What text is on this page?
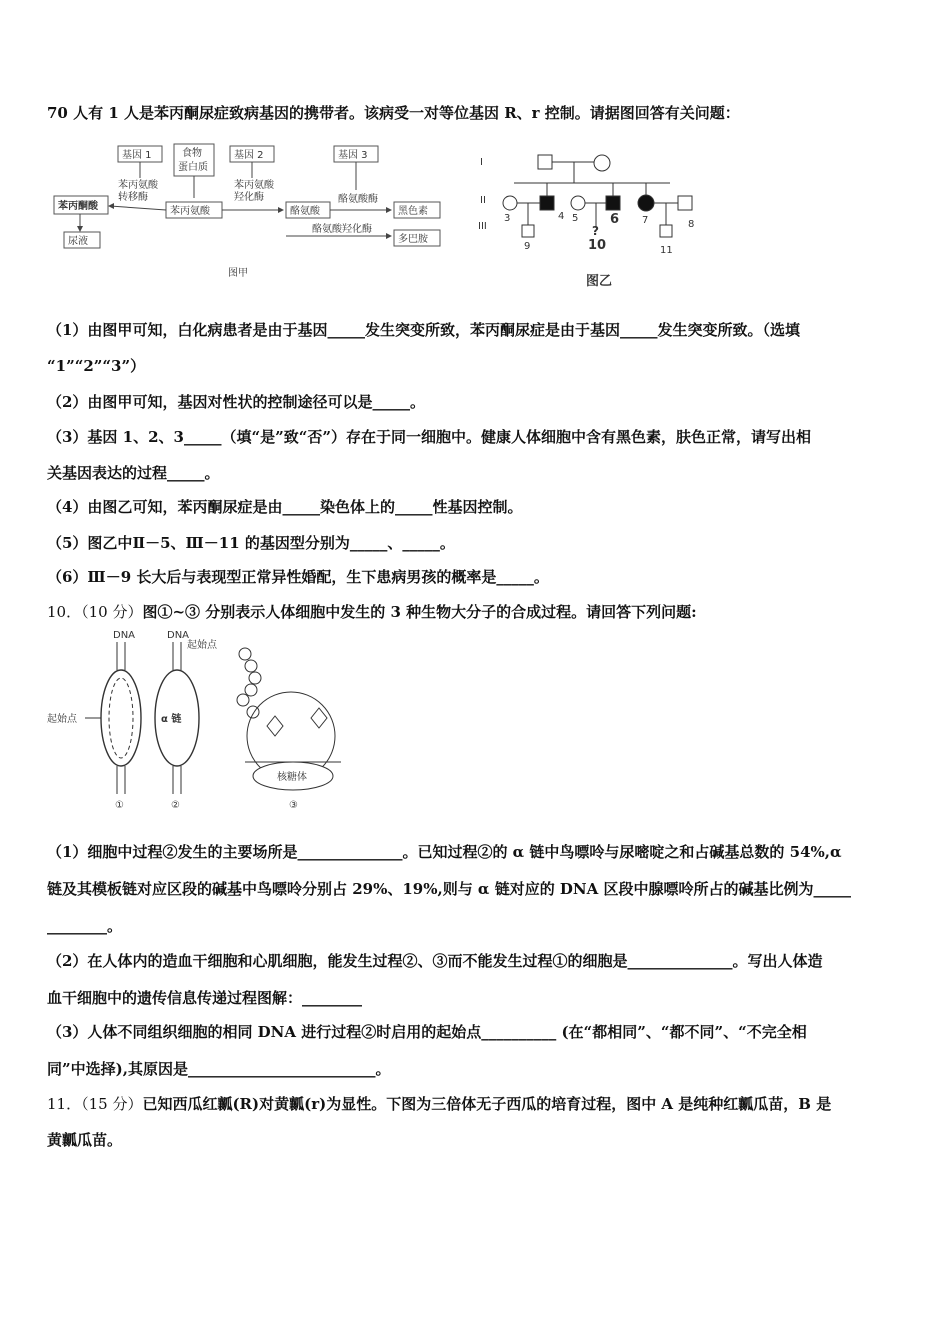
70 人有 1 人是苯丙酮尿症致病基因的携带者。该病受一对等位基因 R、r 控制。请据图回答有关问题：
基因 1	食物
蛋白质
基因 2	基因 3
苯丙氨酸
转移酶
苯丙氨酸
羟化酶
苯丙酮酸	苯丙氨酸	酪氨酸
酪氨酸酶
黑色素
酪氨酸羟化酶
多巴胺
尿液
图甲
I
II
III
3	4 5 6 7	8
9
?
10	11
图乙
（1）由图甲可知，白化病患者是由于基因_____发生突变所致，苯丙酮尿症是由于基因_____发生突变所致。（选填
“1”“2”“3”）
（2）由图甲可知，基因对性状的控制途径可以是_____。
（3）基因 1、2、3_____（填“是”致“否”）存在于同一细胞中。健康人体细胞中含有黑色素，肤色正常，请写出相
关基因表达的过程_____。
（4）由图乙可知，苯丙酮尿症是由_____染色体上的_____性基因控制。
（5）图乙中Ⅱ－5、Ⅲ－11 的基因型分别为_____、_____。
（6）Ⅲ－9 长大后与表现型正常异性婚配，生下患病男孩的概率是_____。
10．（10 分）图①~③ 分别表示人体细胞中发生的 3 种生物大分子的合成过程。请回答下列问题:
DNA
起始点
①
DNA
起始点
α 链
②
核糖体
③
（1）细胞中过程②发生的主要场所是______________。已知过程②的 α 链中鸟嘌呤与尿嘧啶之和占碱基总数的 54%,α
链及其模板链对应区段的碱基中鸟嘌呤分别占 29%、19%,则与 α 链对应的 DNA 区段中腺嘌呤所占的碱基比例为_____
________。
（2）在人体内的造血干细胞和心肌细胞，能发生过程②、③而不能发生过程①的细胞是______________。写出人体造
血干细胞中的遗传信息传递过程图解：________
（3）人体不同组织细胞的相同 DNA 进行过程②时启用的起始点__________ (在“都相同”、“都不同”、“不完全相
同”中选择),其原因是_________________________。
11．（15 分）已知西瓜红瓤(R)对黄瓤(r)为显性。下图为三倍体无子西瓜的培育过程，图中 A 是纯种红瓤瓜苗，B 是
黄瓤瓜苗。
